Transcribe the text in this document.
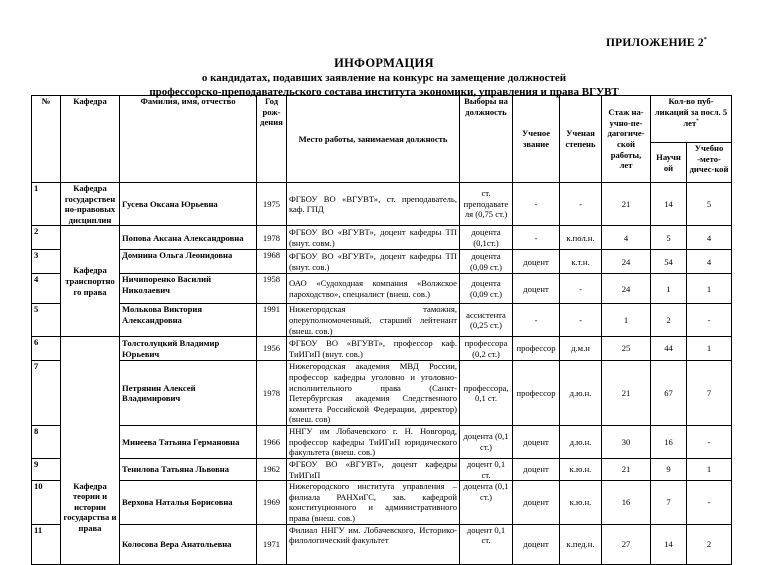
ПРИЛОЖЕНИЕ 2*
ИНФОРМАЦИЯ
о кандидатах, подавших заявление на конкурс на замещение должностей
профессорско-преподавательского состава института экономики, управления и права ВГУВТ
№	Кафедра	Фамилия, имя, отчество	Год рож-дения	Место работы, занимаемая должность	Выборы на должность	Ученое звание	Ученая степень	Стаж на-учно-пе-дагогиче-ской работы, лет	Кол-во пуб-ликаций за посл. 5 лет*
									Научн ой	Учебно -мето-дичес-кой
1	Кафедра государствен но-правовых дисциплин	Гусева Оксана Юрьевна	1975	ФГБОУ ВО «ВГУВТ», ст. преподаватель, каф. ГПД	ст. преподавате ля (0,75 ст.)	-	-	21	14	5
2	Кафедра транспортно го права	Попова Аксана Александровна	1978	ФГБОУ ВО «ВГУВТ», доцент кафедры ТП (внут. совм.)	доцента (0,1ст.)	-	к.пол.н.	4	5	4
3		Домнина Ольга Леонидовна	1968	ФГБОУ ВО «ВГУВТ», доцент кафедры ТП (внут. сов.)	доцента (0,09 ст.)	доцент	к.т.н.	24	54	4
4		Ничипоренко Василий Николаевич	1958	ОАО «Судоходная компания «Волжское пароходство», специалист (внеш. сов.)	доцента (0,09 ст.)	доцент	-	24	1	1
5		Молькова Виктория Александровна	1991	Нижегородская таможня, оперуполномоченный, старший лейтенант (внеш. сов.)	ассистента (0,25 ст.)	-	-	1	2	-
6	Кафедра теории и истории государства и права	Толстолуцкий Владимир Юрьевич	1956	ФГБОУ ВО «ВГУВТ», профессор каф. ТиИГиП (внут. сов.)	профессора (0,2 ст.)	профессор	д.м.н	25	44	1
7		Петрянин Алексей Владимирович	1978	Нижегородская академия МВД России, профессор кафедры уголовно и уголовно-исполнительного права (Санкт-Петербургская академия Следственного комитета Российской Федерации, директор) (внеш. сов)	профессора, 0,1 ст.	профессор	д.ю.н.	21	67	7
8		Минеева Татьяна Германовна	1966	ННГУ им Лобачевского г. Н. Новгород, профессор кафедры ТиИГиП юридического факультета (внеш. сов.)	доцента (0,1 ст.)	доцент	д.ю.н.	30	16	-
9		Тенилова Татьяна Львовна	1962	ФГБОУ ВО «ВГУВТ», доцент кафедры ТиИГиП	доцент 0,1 ст.	доцент	к.ю.н.	21	9	1
10		Верхова Наталья Борисовна	1969	Нижегородского института управления – филиала РАНХиГС, зав. кафедрой конституционного и административного права (внеш. сов.)	доцента (0,1 ст.)	доцент	к.ю.н.	16	7	-
11		Колосова Вера Анатольевна	1971	Филиал ННГУ им. Лобачевского, Историко-филологический факультет	доцент 0,1 ст.	доцент	к.пед.н.	27	14	2
